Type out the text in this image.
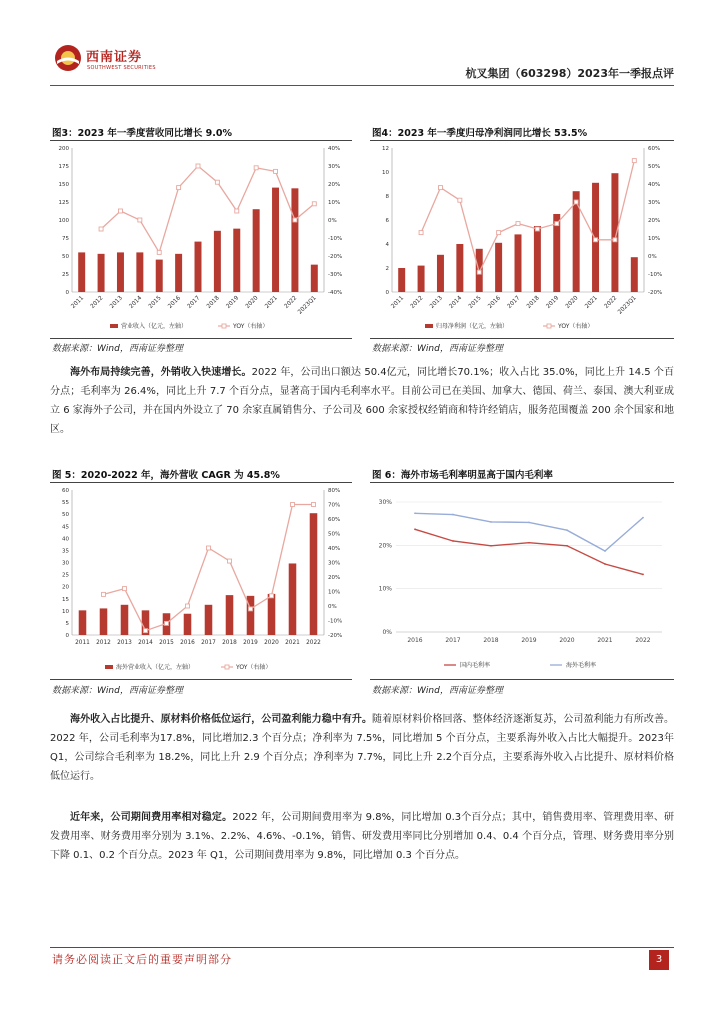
西南证券
SOUTHWEST SECURITIES	杭叉集团（603298）2023年一季报点评
图3：2023 年一季度营收同比增长 9.0%
0
25
50
75
100
125
150
175
200
-40%
-30%
-20%
-10%
0%
10%
20%
30%
40%
2011 2012 2013 2014 2015 2016 2017 2018 2019 2020 2021 2022
2023Q1
营业收入（亿元，左轴）	YOY（右轴）
数据来源：Wind，西南证券整理
图4：2023 年一季度归母净利润同比增长 53.5%
0
2
4
6
8
10
12
-20%
-10%
0%
10%
20%
30%
40%
50%
60%
2011 2012 2013 2014 2015 2016 2017 2018 2019 2020 2021 2022
2023Q1
归母净利润（亿元，左轴）	YOY（右轴）
数据来源：Wind，西南证券整理
海外布局持续完善，外销收入快速增长。2022 年，公司出口额达 50.4亿元，同比增长70.1%；收入占比 35.0%，同比上升 14.5 个百分点；毛利率为 26.4%，同比上升 7.7 个百分点，显著高于国内毛利率水平。目前公司已在美国、加拿大、德国、荷兰、泰国、澳大利亚成立 6 家海外子公司，并在国内外设立了 70 余家直属销售分、子公司及 600 余家授权经销商和特许经销店，服务范围覆盖 200 余个国家和地区。
图 5：2020-2022 年，海外营收 CAGR 为 45.8%
0
5
10
15
20
25
30
35
40
45
50
55
60
-20%
-10%
0%
10%
20%
30%
40%
50%
60%
70%
80%
2011 2012 2013 2014 2015 2016 2017 2018 2019 2020 2021 2022
海外营业收入（亿元，左轴）	YOY（右轴）
数据来源：Wind，西南证券整理
图 6：海外市场毛利率明显高于国内毛利率
0%
10%
20%
30%
2016	2017	2018	2019	2020	2021	2022
国内毛利率	海外毛利率
数据来源：Wind，西南证券整理
海外收入占比提升、原材料价格低位运行，公司盈利能力稳中有升。随着原材料价格回落、整体经济逐渐复苏，公司盈利能力有所改善。2022 年，公司毛利率为17.8%，同比增加2.3 个百分点；净利率为 7.5%，同比增加 5 个百分点，主要系海外收入占比大幅提升。2023年 Q1，公司综合毛利率为 18.2%，同比上升 2.9 个百分点；净利率为 7.7%，同比上升 2.2个百分点，主要系海外收入占比提升、原材料价格低位运行。
近年来，公司期间费用率相对稳定。2022 年，公司期间费用率为 9.8%，同比增加 0.3个百分点；其中，销售费用率、管理费用率、研发费用率、财务费用率分别为 3.1%、2.2%、4.6%、-0.1%，销售、研发费用率同比分别增加 0.4、0.4 个百分点，管理、财务费用率分别下降 0.1、0.2 个百分点。2023 年 Q1，公司期间费用率为 9.8%，同比增加 0.3 个百分点。
请务必阅读正文后的重要声明部分	3
